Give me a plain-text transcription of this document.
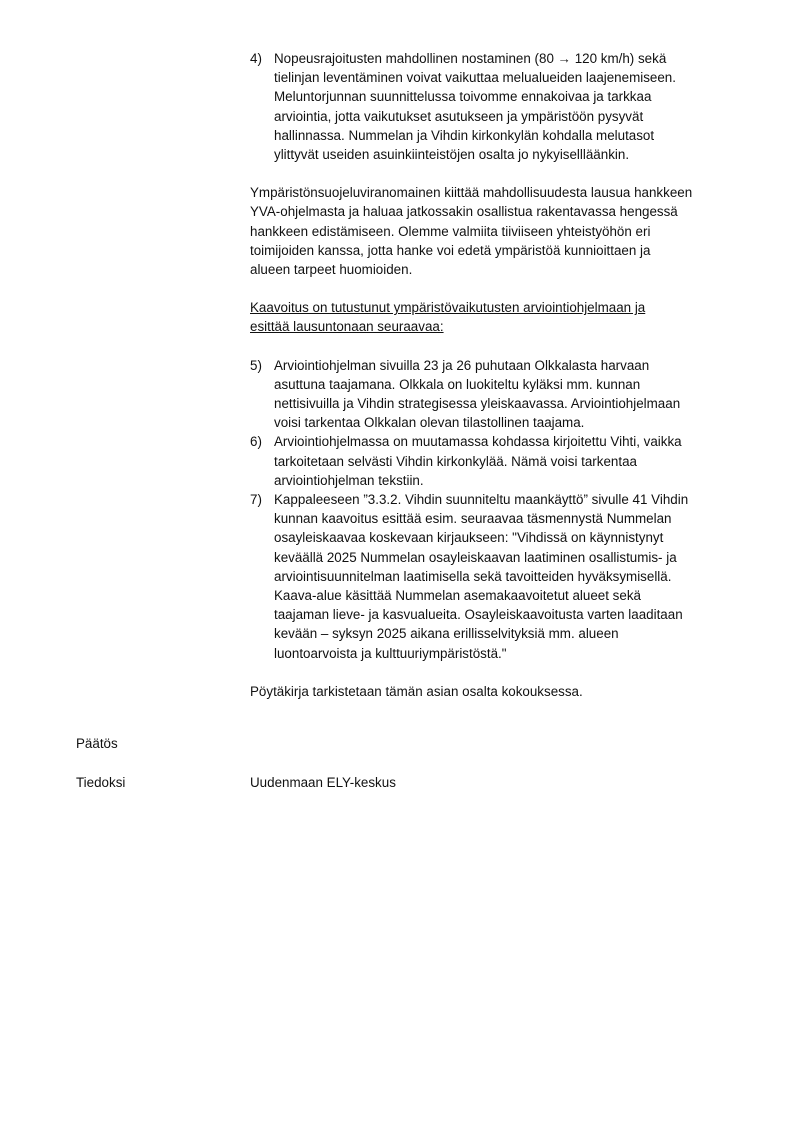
4) Nopeusrajoitusten mahdollinen nostaminen (80 → 120 km/h) sekä
tielinjan leventäminen voivat vaikuttaa melualueiden laajenemiseen.
Meluntorjunnan suunnittelussa toivomme ennakoivaa ja tarkkaa
arviointia, jotta vaikutukset asutukseen ja ympäristöön pysyvät
hallinnassa. Nummelan ja Vihdin kirkonkylän kohdalla melutasot
ylittyvät useiden asuinkiinteistöjen osalta jo nykyisellläänkin.

Ympäristönsuojeluviranomainen kiittää mahdollisuudesta lausua hankkeen
YVA-ohjelmasta ja haluaa jatkossakin osallistua rakentavassa hengessä
hankkeen edistämiseen. Olemme valmiita tiiviiseen yhteistyöhön eri
toimijoiden kanssa, jotta hanke voi edetä ympäristöä kunnioittaen ja
alueen tarpeet huomioiden.

Kaavoitus on tutustunut ympäristövaikutusten arviointiohjelmaan ja
esittää lausuntonaan seuraavaa:
5) Arviointiohjelman sivuilla 23 ja 26 puhutaan Olkkalasta harvaan
asuttuna taajamana. Olkkala on luokiteltu kyläksi mm. kunnan
nettisivuilla ja Vihdin strategisessa yleiskaavassa. Arviointiohjelmaan
voisi tarkentaa Olkkalan olevan tilastollinen taajama.
6) Arviointiohjelmassa on muutamassa kohdassa kirjoitettu Vihti, vaikka
tarkoitetaan selvästi Vihdin kirkonkylää. Nämä voisi tarkentaa
arviointiohjelman tekstiin.
7) Kappaleeseen ”3.3.2. Vihdin suunniteltu maankäyttö” sivulle 41 Vihdin
kunnan kaavoitus esittää esim. seuraavaa täsmennystä Nummelan
osayleiskaavaa koskevaan kirjaukseen: "Vihdissä on käynnistynyt
keväällä 2025 Nummelan osayleiskaavan laatiminen osallistumis- ja
arviointisuunnitelman laatimisella sekä tavoitteiden hyväksymisellä.
Kaava-alue käsittää Nummelan asemakaavoitetut alueet sekä
taajaman lieve- ja kasvualueita. Osayleiskaavoitusta varten laaditaan
kevään – syksyn 2025 aikana erillisselvityksiä mm. alueen
luontoarvoista ja kulttuuriympäristöstä."

Pöytäkirja tarkistetaan tämän asian osalta kokouksessa.

Päätös
Tiedoksi	Uudenmaan ELY-keskus
